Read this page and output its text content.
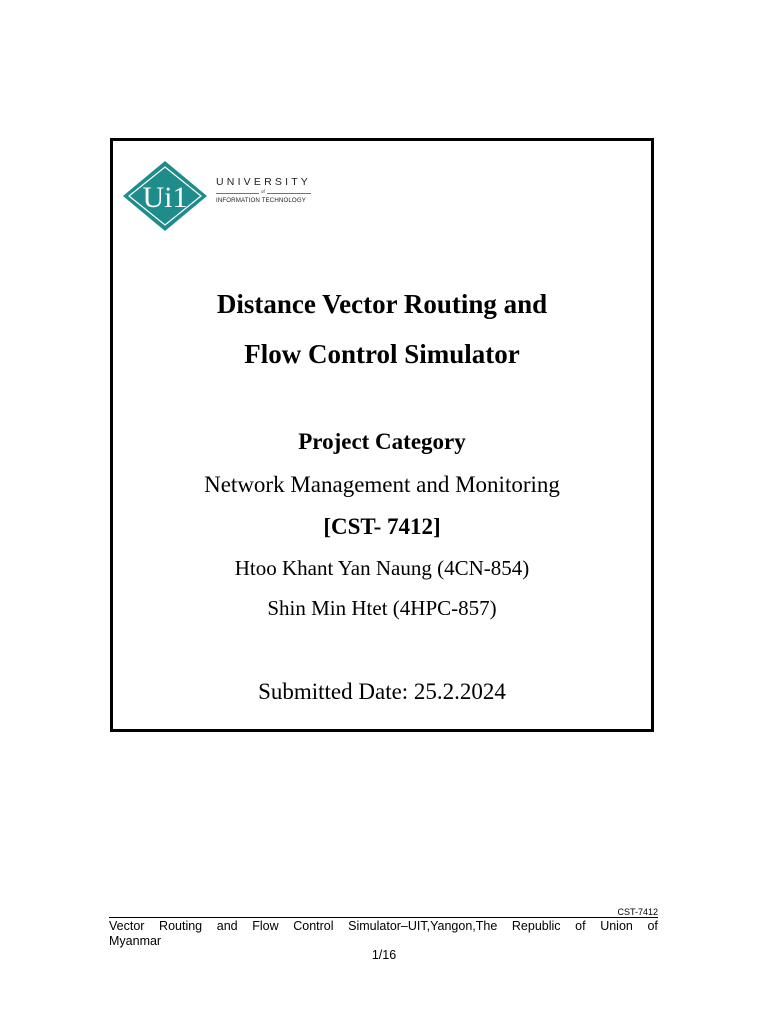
Ui1	UNIVERSITY
of
INFORMATION TECHNOLOGY
Distance Vector Routing and
Flow Control Simulator
Project Category
Network Management and Monitoring
[CST- 7412]
Htoo Khant Yan Naung (4CN-854)
Shin Min Htet (4HPC-857)
Submitted Date: 25.2.2024
CST-7412
Vector Routing and Flow Control Simulator–UIT,Yangon,The Republic of Union of
Myanmar
1/16
